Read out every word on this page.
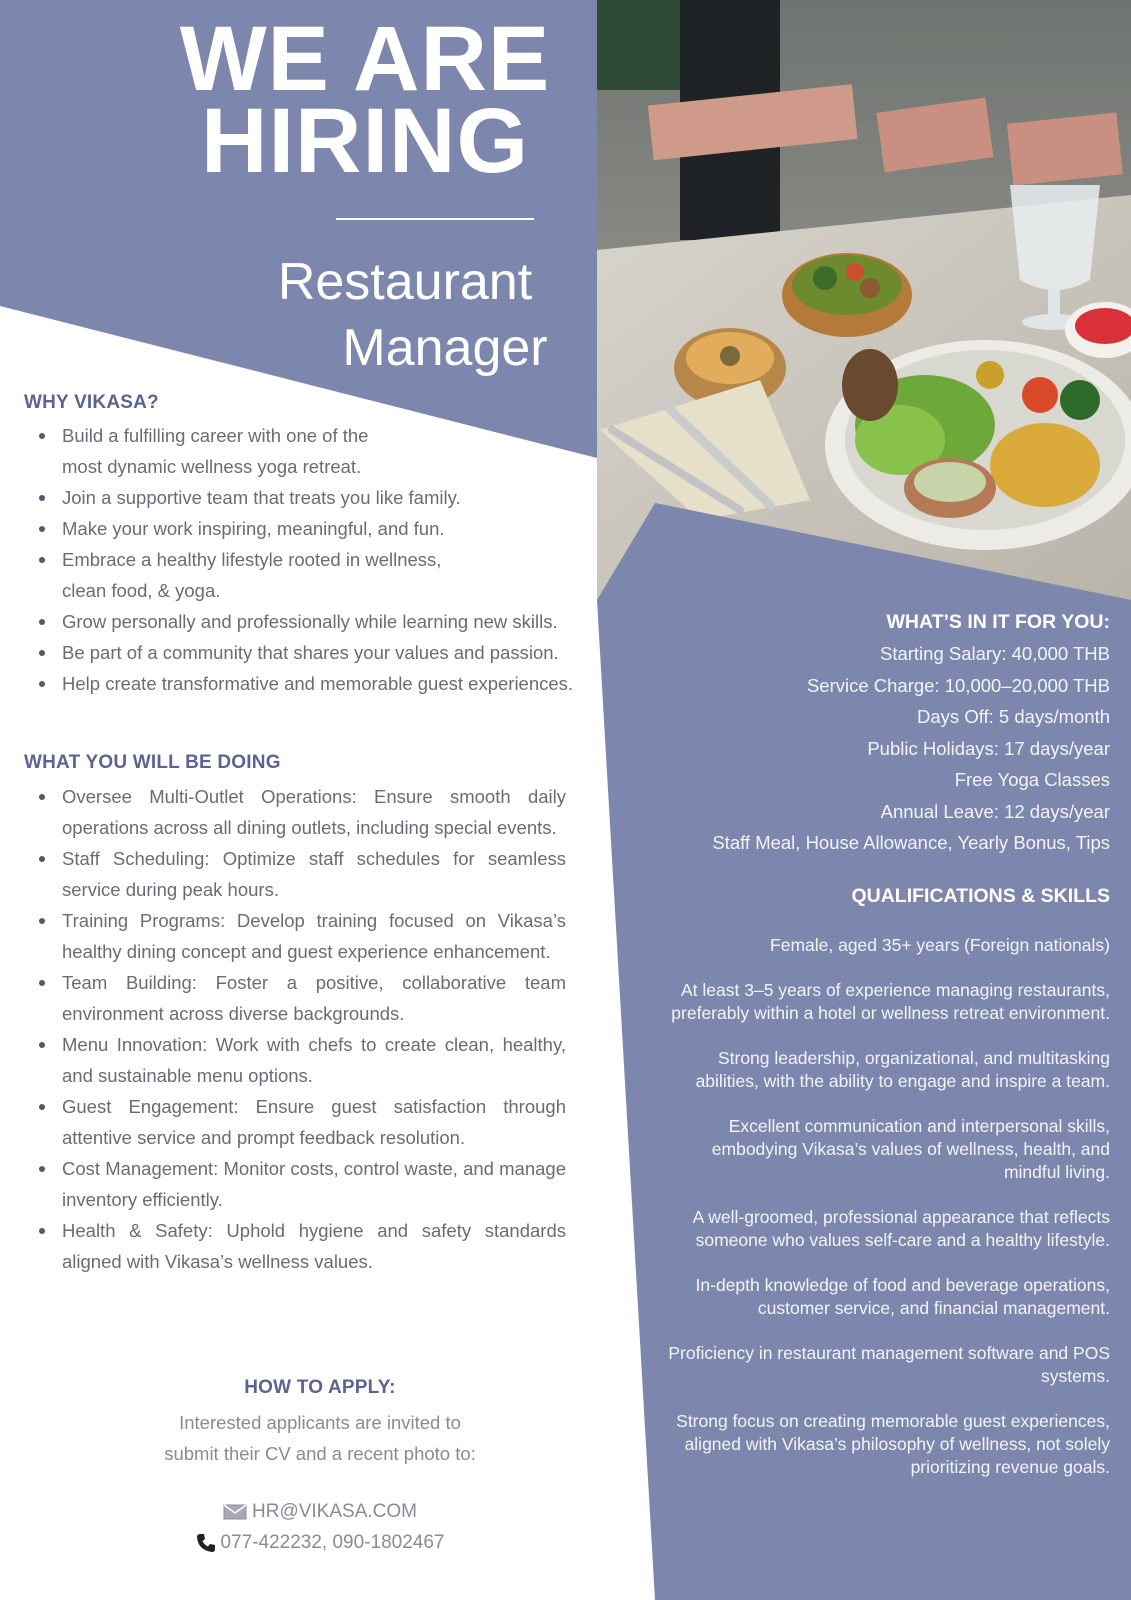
WE ARE
HIRING
Restaurant
Manager
WHY VIKASA?
Build a fulfilling career with one of the most dynamic wellness yoga retreat.
Join a supportive team that treats you like family.
Make your work inspiring, meaningful, and fun.
Embrace a healthy lifestyle rooted in wellness, clean food, & yoga.
Grow personally and professionally while learning new skills.
Be part of a community that shares your values and passion.
Help create transformative and memorable guest experiences.
WHAT YOU WILL BE DOING
Oversee Multi-Outlet Operations: Ensure smooth daily operations across all dining outlets, including special events.
Staff Scheduling: Optimize staff schedules for seamless service during peak hours.
Training Programs: Develop training focused on Vikasa’s healthy dining concept and guest experience enhancement.
Team Building: Foster a positive, collaborative team environment across diverse backgrounds.
Menu Innovation: Work with chefs to create clean, healthy, and sustainable menu options.
Guest Engagement: Ensure guest satisfaction through attentive service and prompt feedback resolution.
Cost Management: Monitor costs, control waste, and manage inventory efficiently.
Health & Safety: Uphold hygiene and safety standards aligned with Vikasa’s wellness values.
HOW TO APPLY:
Interested applicants are invited to
submit their CV and a recent photo to:
HR@VIKASA.COM
077-422232, 090-1802467
WHAT’S IN IT FOR YOU:
Starting Salary: 40,000 THB
Service Charge: 10,000–20,000 THB
Days Off: 5 days/month
Public Holidays: 17 days/year
Free Yoga Classes
Annual Leave: 12 days/year
Staff Meal, House Allowance, Yearly Bonus, Tips
QUALIFICATIONS & SKILLS
Female, aged 35+ years (Foreign nationals)
At least 3–5 years of experience managing restaurants, preferably within a hotel or wellness retreat environment.
Strong leadership, organizational, and multitasking abilities, with the ability to engage and inspire a team.
Excellent communication and interpersonal skills, embodying Vikasa’s values of wellness, health, and mindful living.
A well-groomed, professional appearance that reflects someone who values self-care and a healthy lifestyle.
In-depth knowledge of food and beverage operations, customer service, and financial management.
Proficiency in restaurant management software and POS systems.
Strong focus on creating memorable guest experiences, aligned with Vikasa’s philosophy of wellness, not solely prioritizing revenue goals.
